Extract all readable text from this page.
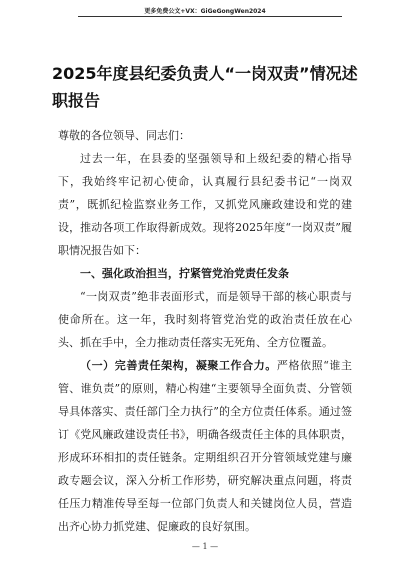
更多免费公文+VX：GiGeGongWen2024
2025年度县纪委负责人“一岗双责”情况述职报告

尊敬的各位领导、同志们：

过去一年，在县委的坚强领导和上级纪委的精心指导下，我始终牢记初心使命，认真履行县纪委书记“一岗双责”，既抓纪检监察业务工作，又抓党风廉政建设和党的建设，推动各项工作取得新成效。现将2025年度“一岗双责”履职情况报告如下：

一、强化政治担当，拧紧管党治党责任发条

“一岗双责”绝非表面形式，而是领导干部的核心职责与使命所在。这一年，我时刻将管党治党的政治责任放在心头、抓在手中，全力推动责任落实无死角、全方位覆盖。

（一）完善责任架构，凝聚工作合力。严格依照“谁主管、谁负责”的原则，精心构建“主要领导全面负责、分管领导具体落实、责任部门全力执行”的全方位责任体系。通过签订《党风廉政建设责任书》，明确各级责任主体的具体职责，形成环环相扣的责任链条。定期组织召开分管领域党建与廉政专题会议，深入分析工作形势，研究解决重点问题，将责任压力精准传导至每一位部门负责人和关键岗位人员，营造出齐心协力抓党建、促廉政的良好氛围。

— 1 —
